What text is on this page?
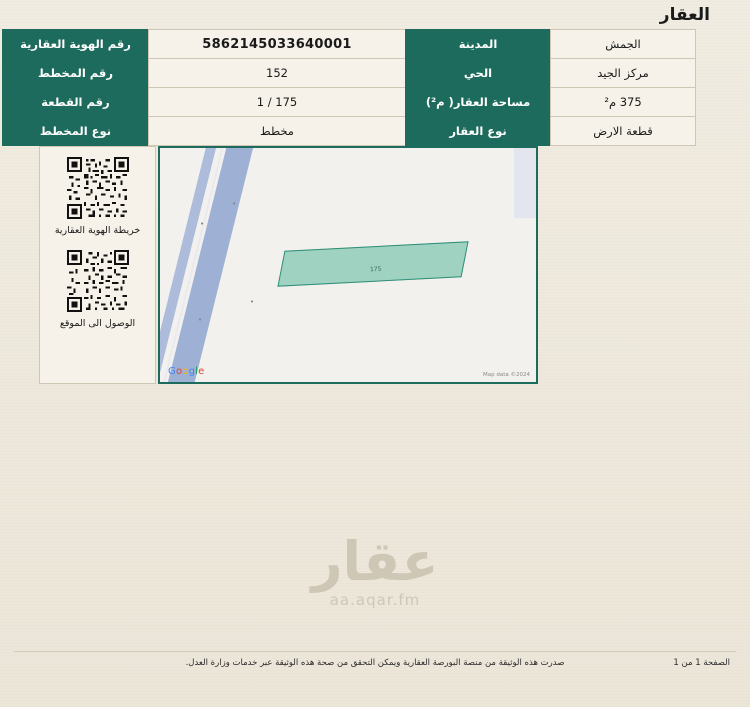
العقار
الجمش	المدينة	5862145033640001	رقم الهوية العقارية
مركز الجيد	الحي	152	رقم المخطط
375 م²	مساحة العقار( م²)	175 / 1	رقم القطعة
قطعة الارض	نوع العقار	مخطط	نوع المخطط
خريطة الهوية العقارية
الوصول الى الموقع
175
•
•
•
•
Google	Map data ©2024
عقار
aa.aqar.fm
صدرت هذه الوثيقة من منصة البورصة العقارية ويمكن التحقق من صحة هذه الوثيقة عبر خدمات وزارة العدل.	الصفحة 1 من 1
